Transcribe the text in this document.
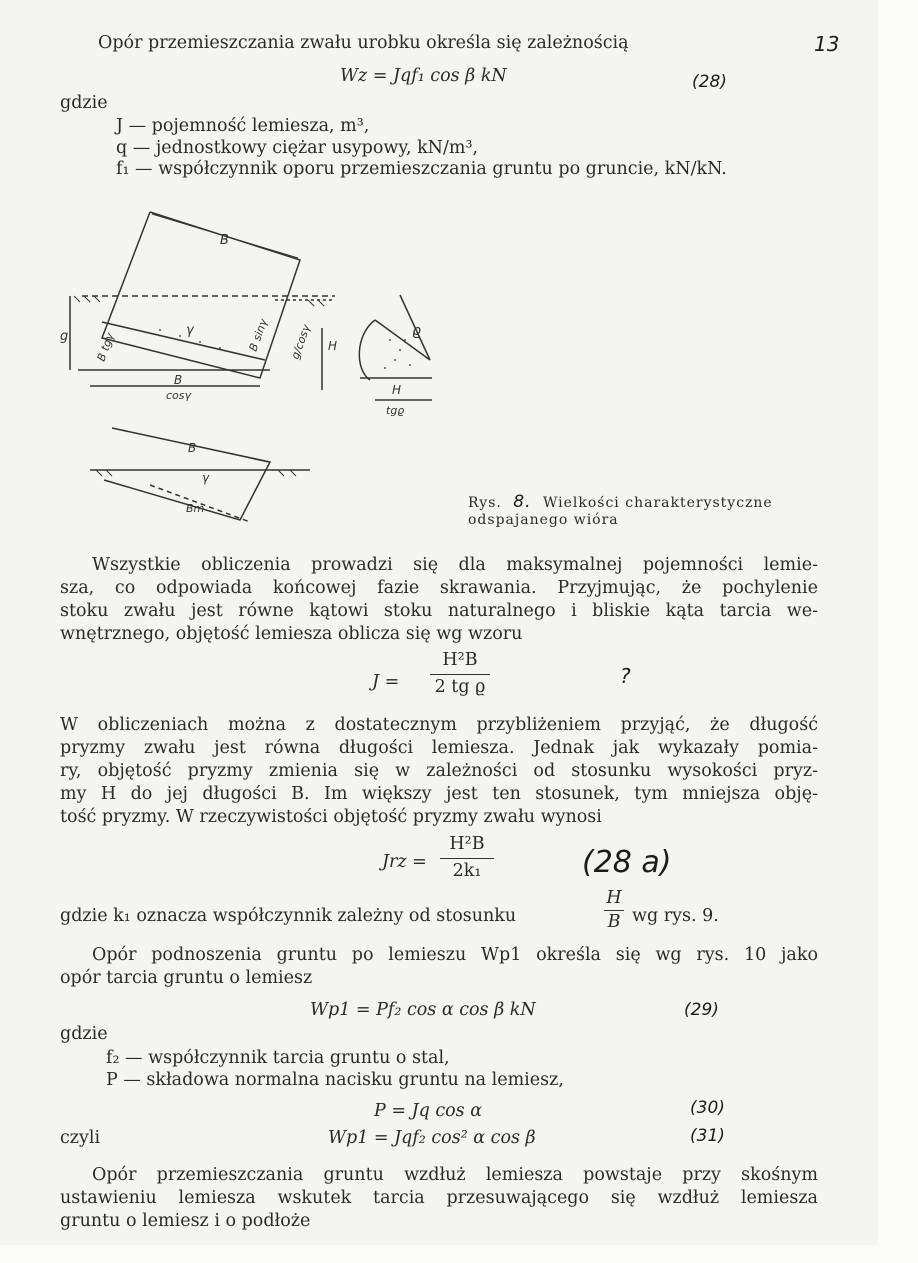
Opór przemieszczania zwału urobku określa się zależnością	13
Wz = Jqf₁ cos β kN	(28)
gdzie
J — pojemność lemiesza, m³,
q — jednostkowy ciężar usypowy, kN/m³,
f₁ — współczynnik oporu przemieszczania gruntu po gruncie, kN/kN.
B
g	γ
B tgγ	B sinγ g/cosγ
B
cosγ
H
ϱ
H
tgϱ
B
γ
Bm	Rys. 8. Wielkości charakterystyczne
odspajanego wióra
Wszystkie obliczenia prowadzi się dla maksymalnej pojemności lemie-
sza, co odpowiada końcowej fazie skrawania. Przyjmując, że pochylenie
stoku zwału jest równe kątowi stoku naturalnego i bliskie kąta tarcia we-
wnętrznego, objętość lemiesza oblicza się wg wzoru
J =
H²B
2 tg ϱ	?
W obliczeniach można z dostatecznym przybliżeniem przyjąć, że długość
pryzmy zwału jest równa długości lemiesza. Jednak jak wykazały pomia-
ry, objętość pryzmy zmienia się w zależności od stosunku wysokości pryz-
my H do jej długości B. Im większy jest ten stosunek, tym mniejsza obję-
tość pryzmy. W rzeczywistości objętość pryzmy zwału wynosi
Jrz =
H²B
2k₁	(28 a)
gdzie k₁ oznacza współczynnik zależny od stosunku
H
B wg rys. 9.
Opór podnoszenia gruntu po lemieszu Wp1 określa się wg rys. 10 jako
opór tarcia gruntu o lemiesz
Wp1 = Pf₂ cos α cos β kN	(29)
gdzie
f₂ — współczynnik tarcia gruntu o stal,
P — składowa normalna nacisku gruntu na lemiesz,
P = Jq cos α	(30)
czyli	Wp1 = Jqf₂ cos² α cos β	(31)
Opór przemieszczania gruntu wzdłuż lemiesza powstaje przy skośnym
ustawieniu lemiesza wskutek tarcia przesuwającego się wzdłuż lemiesza
gruntu o lemiesz i o podłoże
